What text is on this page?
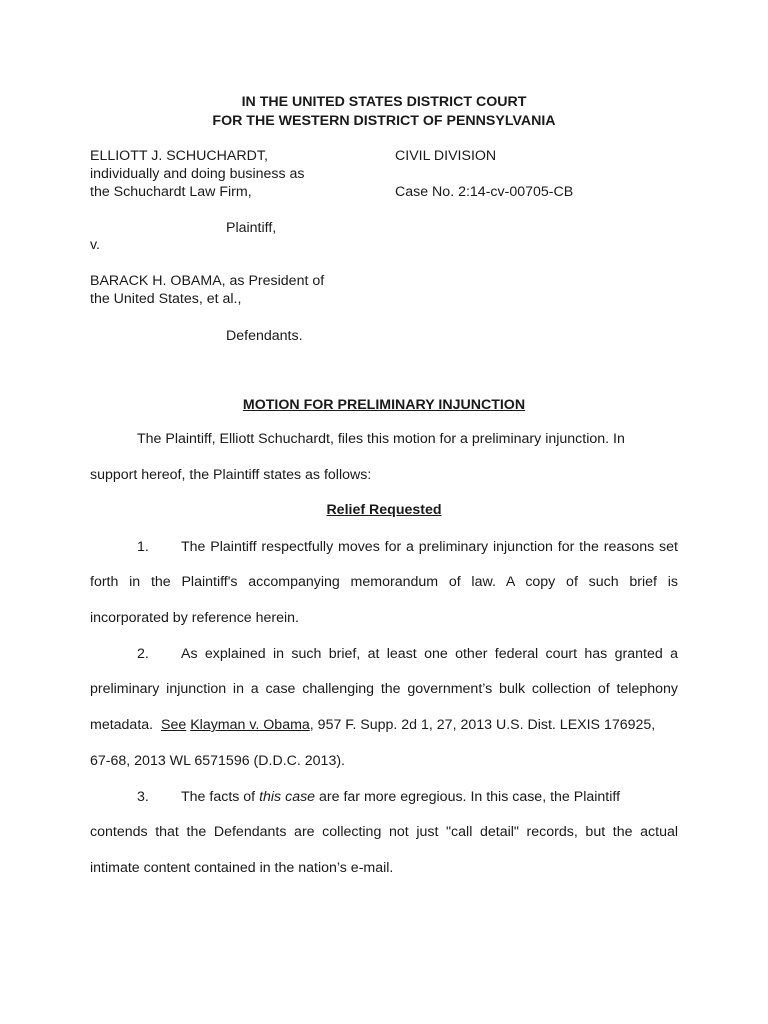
IN THE UNITED STATES DISTRICT COURT
FOR THE WESTERN DISTRICT OF PENNSYLVANIA
ELLIOTT J. SCHUCHARDT,
individually and doing business as
the Schuchardt Law Firm,
Plaintiff,
v.
BARACK H. OBAMA, as President of
the United States, et al.,
Defendants.
CIVIL DIVISION
Case No. 2:14-cv-00705-CB
MOTION FOR PRELIMINARY INJUNCTION
The Plaintiff, Elliott Schuchardt, files this motion for a preliminary injunction. In
support hereof, the Plaintiff states as follows:
Relief Requested
1. The Plaintiff respectfully moves for a preliminary injunction for the reasons set
forth in the Plaintiff's accompanying memorandum of law. A copy of such brief is
incorporated by reference herein.
2. As explained in such brief, at least one other federal court has granted a
preliminary injunction in a case challenging the government’s bulk collection of telephony
metadata. See Klayman v. Obama, 957 F. Supp. 2d 1, 27, 2013 U.S. Dist. LEXIS 176925,
67-68, 2013 WL 6571596 (D.D.C. 2013).
3. The facts of this case are far more egregious. In this case, the Plaintiff
contends that the Defendants are collecting not just "call detail" records, but the actual
intimate content contained in the nation’s e-mail.
